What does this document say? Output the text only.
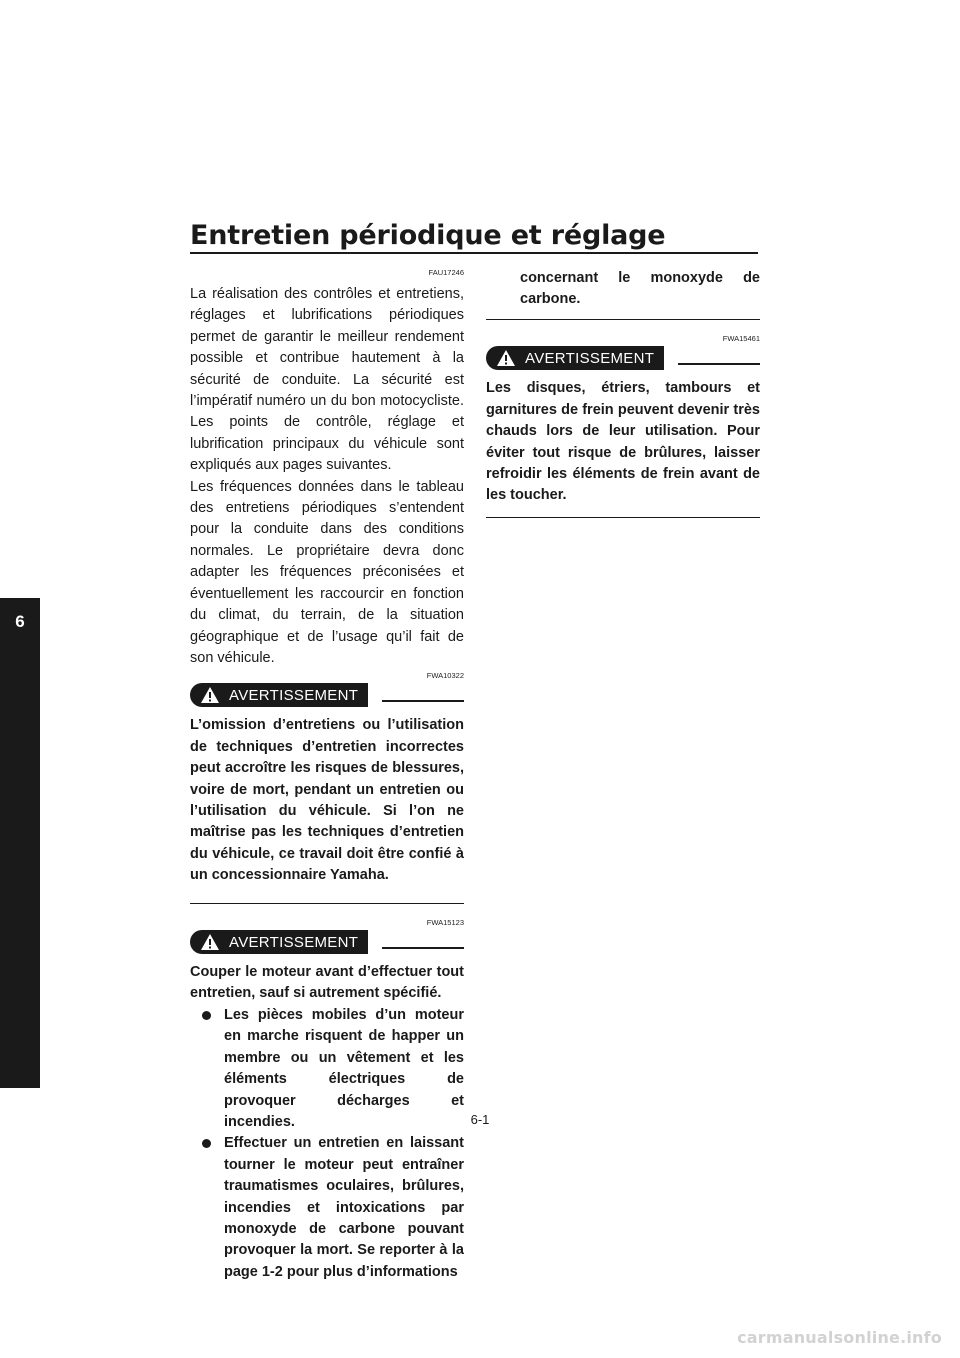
Entretien périodique et réglage
6
FAU17246

La réalisation des contrôles et entretiens, réglages et lubrifications périodiques permet de garantir le meilleur rendement possible et contribue hautement à la sécurité de conduite. La sécurité est l’impératif numéro un du bon motocycliste. Les points de contrôle, réglage et lubrification principaux du véhicule sont expliqués aux pages suivantes.

Les fréquences données dans le tableau des entretiens périodiques s’entendent pour la conduite dans des conditions normales. Le propriétaire devra donc adapter les fréquences préconisées et éventuellement les raccourcir en fonction du climat, du terrain, de la situation géographique et de l’usage qu’il fait de son véhicule.

FWA10322
AVERTISSEMENT

L’omission d’entretiens ou l’utilisation de techniques d’entretien incorrectes peut accroître les risques de blessures, voire de mort, pendant un entretien ou l’utilisation du véhicule. Si l’on ne maîtrise pas les techniques d’entretien du véhicule, ce travail doit être confié à un concessionnaire Yamaha.

FWA15123
AVERTISSEMENT

Couper le moteur avant d’effectuer tout entretien, sauf si autrement spécifié.

Les pièces mobiles d’un moteur en marche risquent de happer un membre ou un vêtement et les éléments électriques de provoquer décharges et incendies.
Effectuer un entretien en laissant tourner le moteur peut entraîner traumatismes oculaires, brûlures, incendies et intoxications par monoxyde de carbone pouvant provoquer la mort. Se reporter à la page 1-2 pour plus d’informations

concernant le monoxyde de carbone.

FWA15461
AVERTISSEMENT

Les disques, étriers, tambours et garnitures de frein peuvent devenir très chauds lors de leur utilisation. Pour éviter tout risque de brûlures, laisser refroidir les éléments de frein avant de les toucher.

6-1
carmanualsonline.info
